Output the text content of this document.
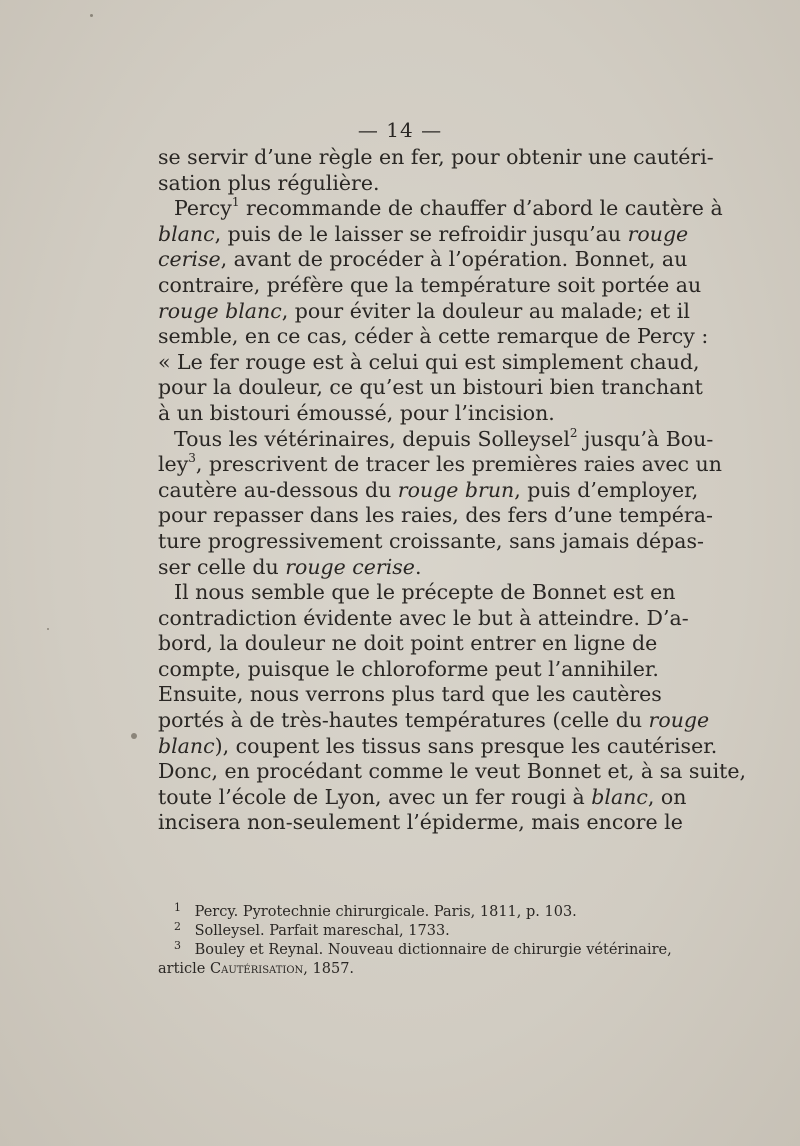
— 14 —
se servir d’une règle en fer, pour obtenir une cautéri-
sation plus régulière.
Percy$^1$ recommande de chauffer d’abord le cautère à
blanc, puis de le laisser se refroidir jusqu’au rouge
cerise, avant de procéder à l’opération. Bonnet, au
contraire, préfère que la température soit portée au
rouge blanc, pour éviter la douleur au malade; et il
semble, en ce cas, céder à cette remarque de Percy :
« Le fer rouge est à celui qui est simplement chaud,
pour la douleur, ce qu’est un bistouri bien tranchant
à un bistouri émoussé, pour l’incision.
Tous les vétérinaires, depuis Solleysel$^2$ jusqu’à Bou-
ley$^3$, prescrivent de tracer les premières raies avec un
cautère au-dessous du rouge brun, puis d’employer,
pour repasser dans les raies, des fers d’une tempéra-
ture progressivement croissante, sans jamais dépas-
ser celle du rouge cerise.
Il nous semble que le précepte de Bonnet est en
contradiction évidente avec le but à atteindre. D’a-
bord, la douleur ne doit point entrer en ligne de
compte, puisque le chloroforme peut l’annihiler.
Ensuite, nous verrons plus tard que les cautères
portés à de très-hautes températures (celle du rouge
blanc), coupent les tissus sans presque les cautériser.
Donc, en procédant comme le veut Bonnet et, à sa suite,
toute l’école de Lyon, avec un fer rougi à blanc, on
incisera non-seulement l’épiderme, mais encore le
$^1$ Percy. Pyrotechnie chirurgicale. Paris, 1811, p. 103.
$^2$ Solleysel. Parfait mareschal, 1733.
$^3$ Bouley et Reynal. Nouveau dictionnaire de chirurgie vétérinaire,
article Cautérisation, 1857.
